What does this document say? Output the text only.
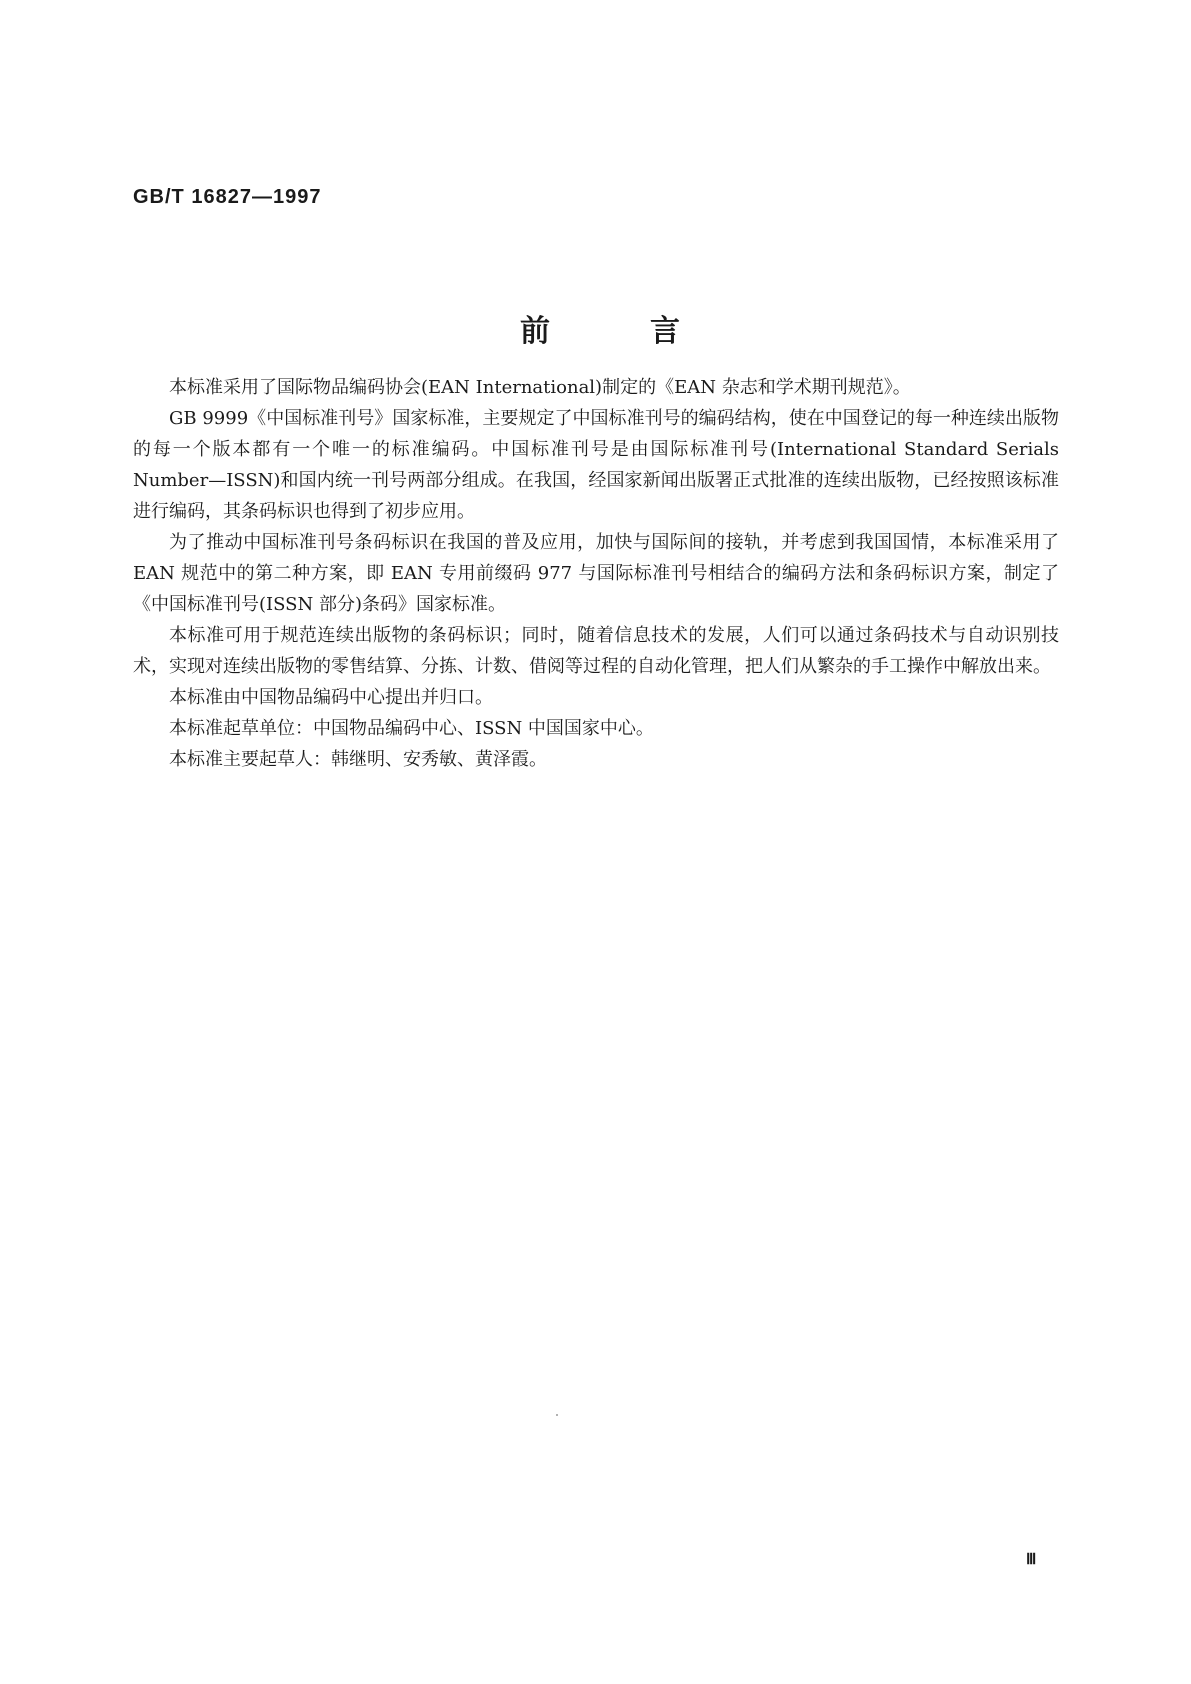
GB/T 16827—1997
前	言

本标准采用了国际物品编码协会(EAN International)制定的《EAN 杂志和学术期刊规范》。

GB 9999《中国标准刊号》国家标准，主要规定了中国标准刊号的编码结构，使在中国登记的每一种连续出版物的每一个版本都有一个唯一的标准编码。中国标准刊号是由国际标准刊号(International Standard Serials Number—ISSN)和国内统一刊号两部分组成。在我国，经国家新闻出版署正式批准的连续出版物，已经按照该标准进行编码，其条码标识也得到了初步应用。

为了推动中国标准刊号条码标识在我国的普及应用，加快与国际间的接轨，并考虑到我国国情，本标准采用了 EAN 规范中的第二种方案，即 EAN 专用前缀码 977 与国际标准刊号相结合的编码方法和条码标识方案，制定了《中国标准刊号(ISSN 部分)条码》国家标准。

本标准可用于规范连续出版物的条码标识；同时，随着信息技术的发展，人们可以通过条码技术与自动识别技术，实现对连续出版物的零售结算、分拣、计数、借阅等过程的自动化管理，把人们从繁杂的手工操作中解放出来。

本标准由中国物品编码中心提出并归口。

本标准起草单位：中国物品编码中心、ISSN 中国国家中心。

本标准主要起草人：韩继明、安秀敏、黄泽霞。

Ⅲ
